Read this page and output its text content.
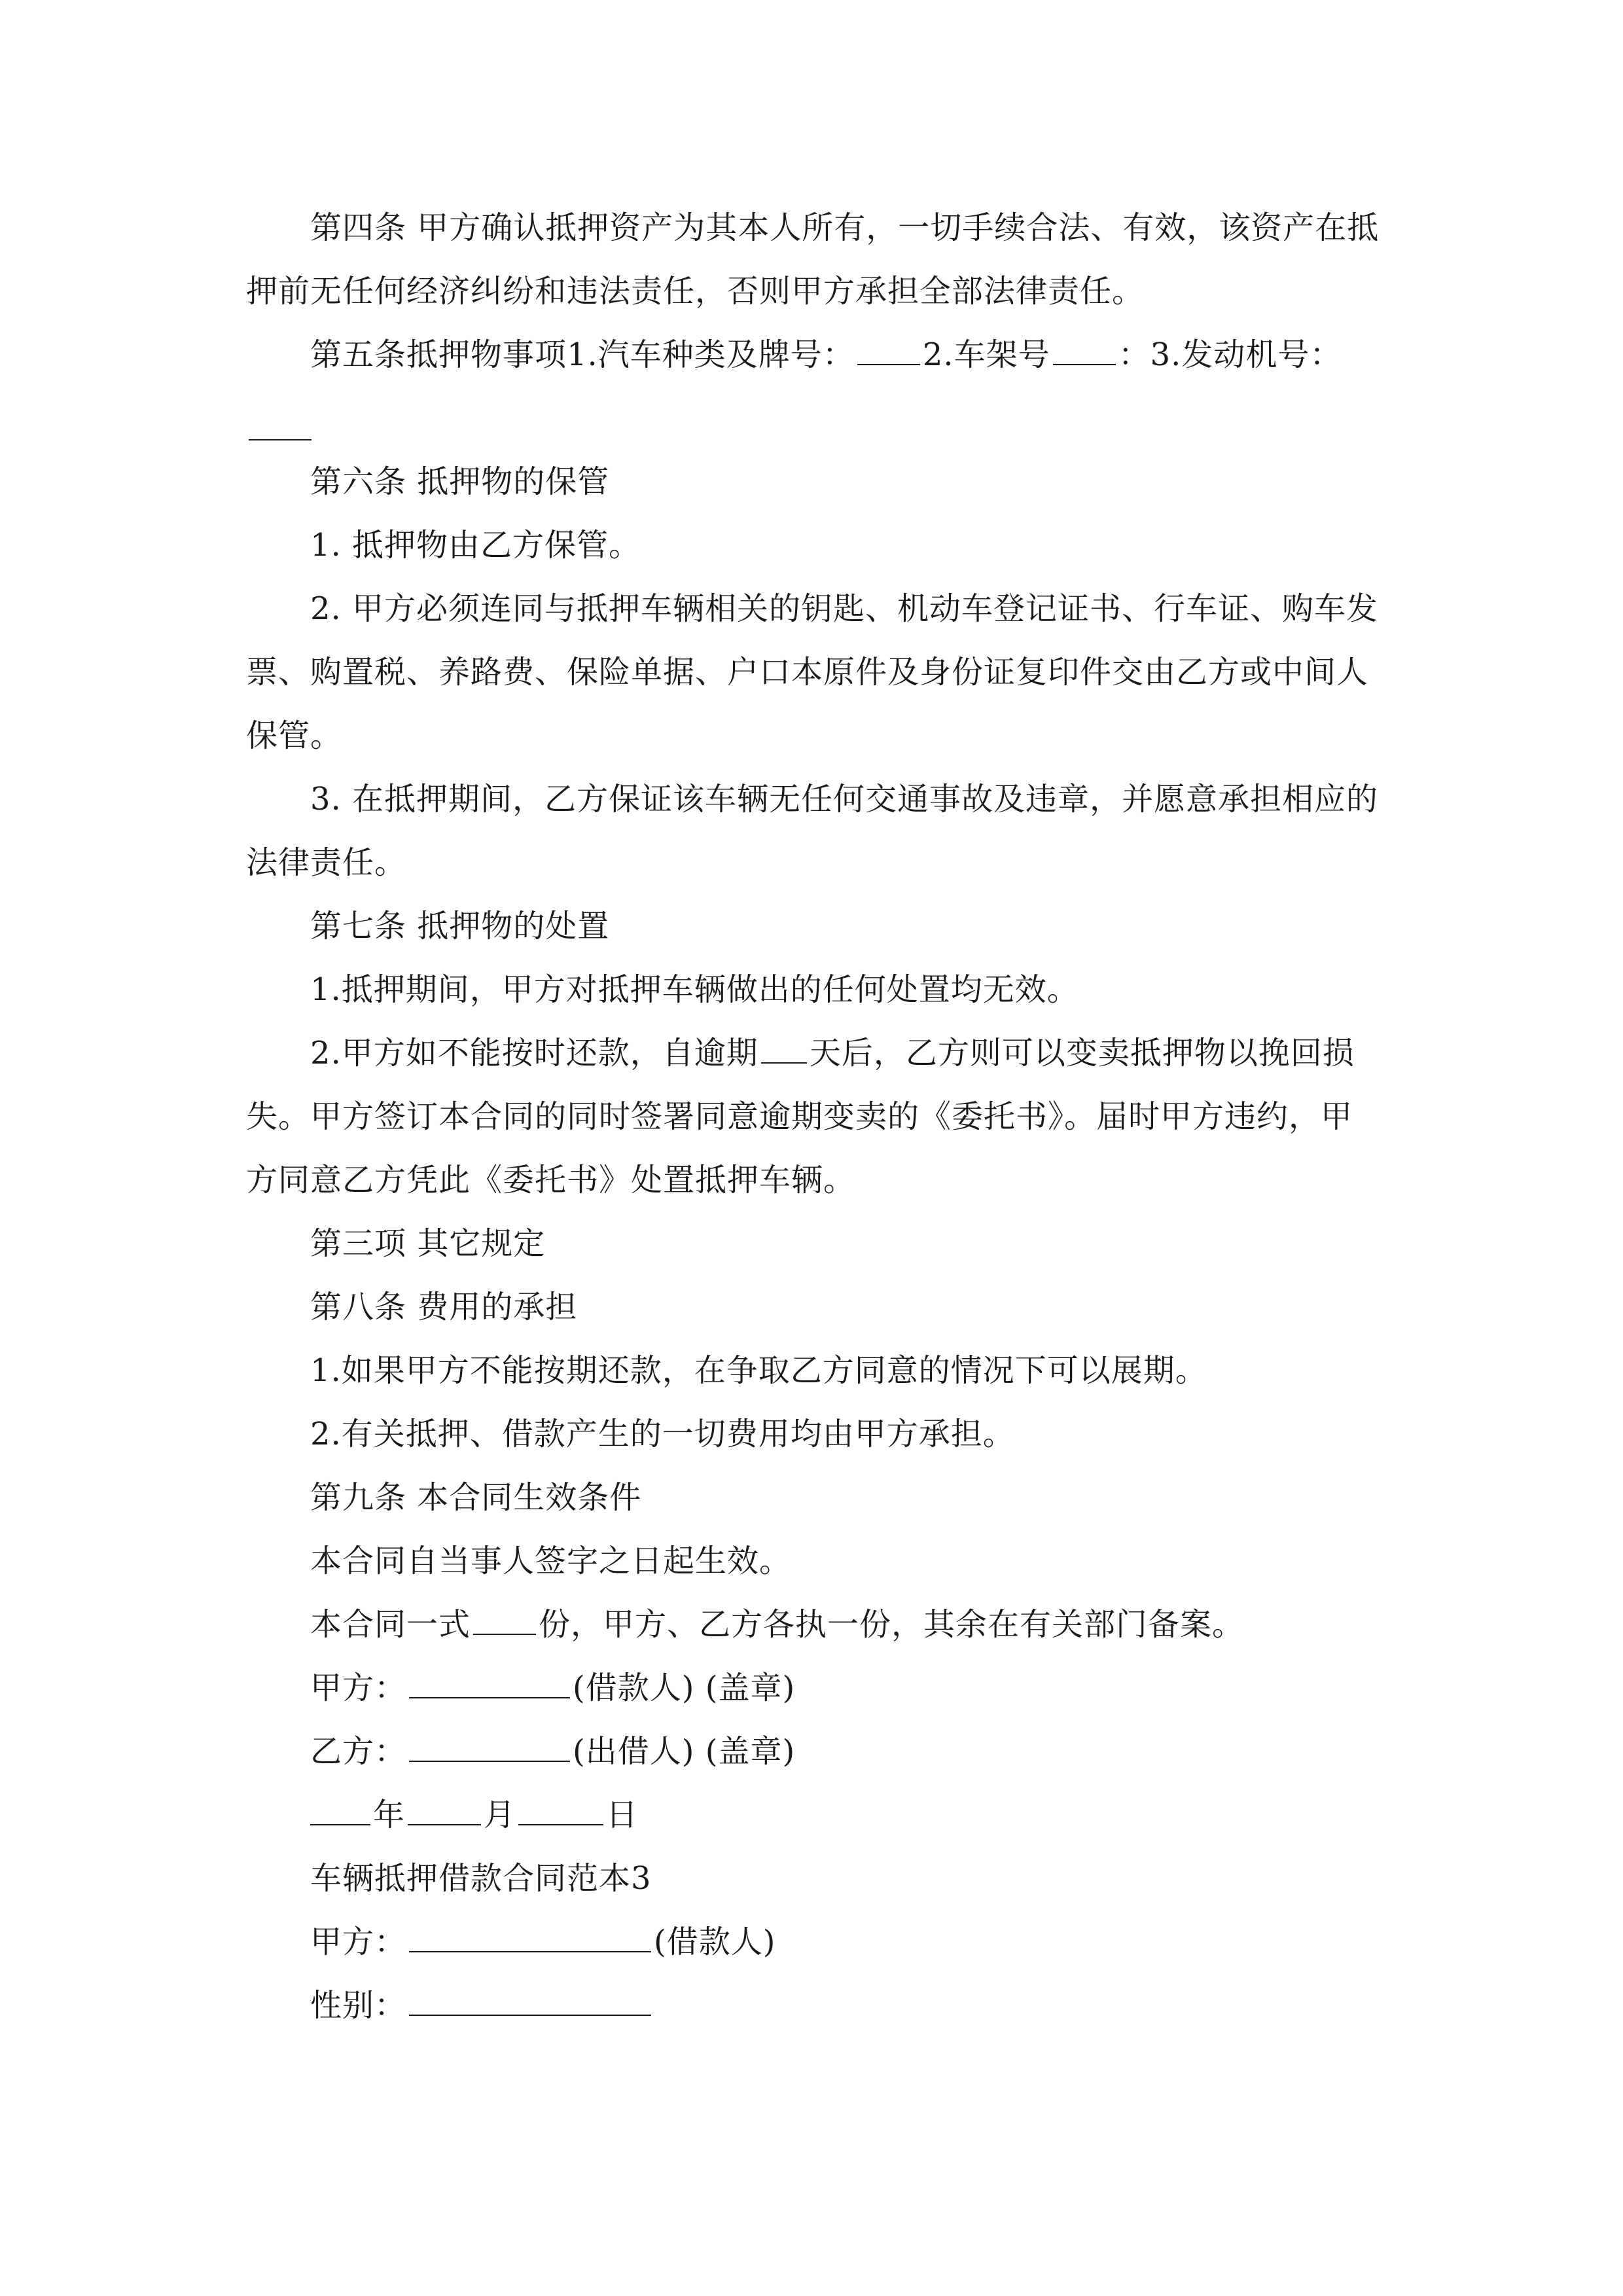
第四条 甲方确认抵押资产为其本人所有，一切手续合法、有效，该资产在抵押前无任何经济纠纷和违法责任，否则甲方承担全部法律责任。

第五条抵押物事项1.汽车种类及牌号： 2.车架号 ：3.发动机号：

第六条 抵押物的保管

1. 抵押物由乙方保管。

2. 甲方必须连同与抵押车辆相关的钥匙、机动车登记证书、行车证、购车发票、购置税、养路费、保险单据、户口本原件及身份证复印件交由乙方或中间人保管。

3. 在抵押期间，乙方保证该车辆无任何交通事故及违章，并愿意承担相应的法律责任。

第七条 抵押物的处置

1.抵押期间，甲方对抵押车辆做出的任何处置均无效。

2.甲方如不能按时还款，自逾期 天后，乙方则可以变卖抵押物以挽回损失。甲方签订本合同的同时签署同意逾期变卖的《委托书》。届时甲方违约，甲方同意乙方凭此《委托书》处置抵押车辆。

第三项 其它规定

第八条 费用的承担

1.如果甲方不能按期还款，在争取乙方同意的情况下可以展期。

2.有关抵押、借款产生的一切费用均由甲方承担。

第九条 本合同生效条件

本合同自当事人签字之日起生效。

本合同一式 份，甲方、乙方各执一份，其余在有关部门备案。

甲方：	(借款人) (盖章)

乙方：	(出借人) (盖章)

年	月	日

车辆抵押借款合同范本3

甲方：	(借款人)

性别：
